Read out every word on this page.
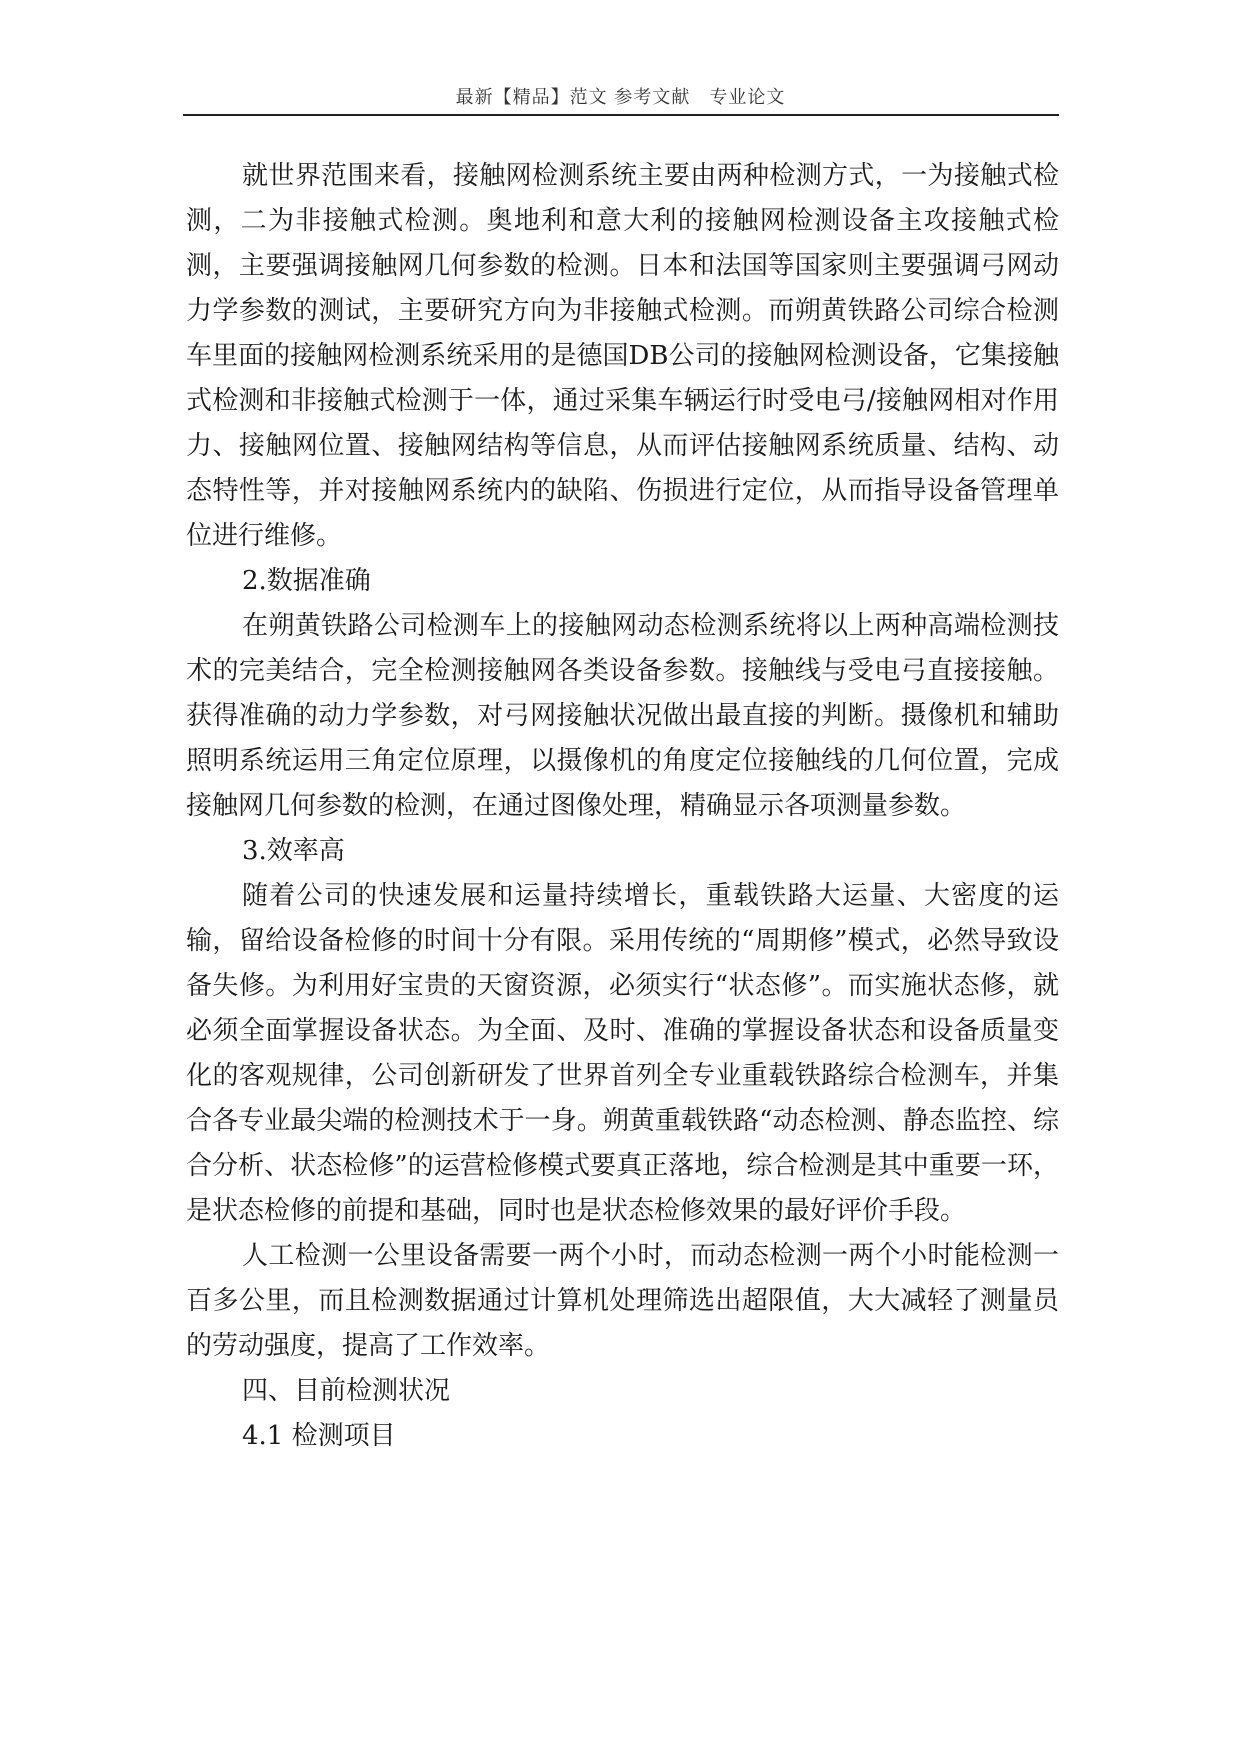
最新【精品】范文 参考文献　专业论文

就世界范围来看，接触网检测系统主要由两种检测方式，一为接触式检测，二为非接触式检测。奥地利和意大利的接触网检测设备主攻接触式检测，主要强调接触网几何参数的检测。日本和法国等国家则主要强调弓网动力学参数的测试，主要研究方向为非接触式检测。而朔黄铁路公司综合检测车里面的接触网检测系统采用的是德国DB公司的接触网检测设备，它集接触式检测和非接触式检测于一体，通过采集车辆运行时受电弓/接触网相对作用力、接触网位置、接触网结构等信息，从而评估接触网系统质量、结构、动态特性等，并对接触网系统内的缺陷、伤损进行定位，从而指导设备管理单位进行维修。

2.数据准确

在朔黄铁路公司检测车上的接触网动态检测系统将以上两种高端检测技术的完美结合，完全检测接触网各类设备参数。接触线与受电弓直接接触。获得准确的动力学参数，对弓网接触状况做出最直接的判断。摄像机和辅助照明系统运用三角定位原理，以摄像机的角度定位接触线的几何位置，完成接触网几何参数的检测，在通过图像处理，精确显示各项测量参数。

3.效率高

随着公司的快速发展和运量持续增长，重载铁路大运量、大密度的运输，留给设备检修的时间十分有限。采用传统的“周期修”模式，必然导致设备失修。为利用好宝贵的天窗资源，必须实行“状态修”。而实施状态修，就必须全面掌握设备状态。为全面、及时、准确的掌握设备状态和设备质量变化的客观规律，公司创新研发了世界首列全专业重载铁路综合检测车，并集合各专业最尖端的检测技术于一身。朔黄重载铁路“动态检测、静态监控、综合分析、状态检修”的运营检修模式要真正落地，综合检测是其中重要一环，是状态检修的前提和基础，同时也是状态检修效果的最好评价手段。

人工检测一公里设备需要一两个小时，而动态检测一两个小时能检测一百多公里，而且检测数据通过计算机处理筛选出超限值，大大减轻了测量员的劳动强度，提高了工作效率。

四、目前检测状况

4.1 检测项目
